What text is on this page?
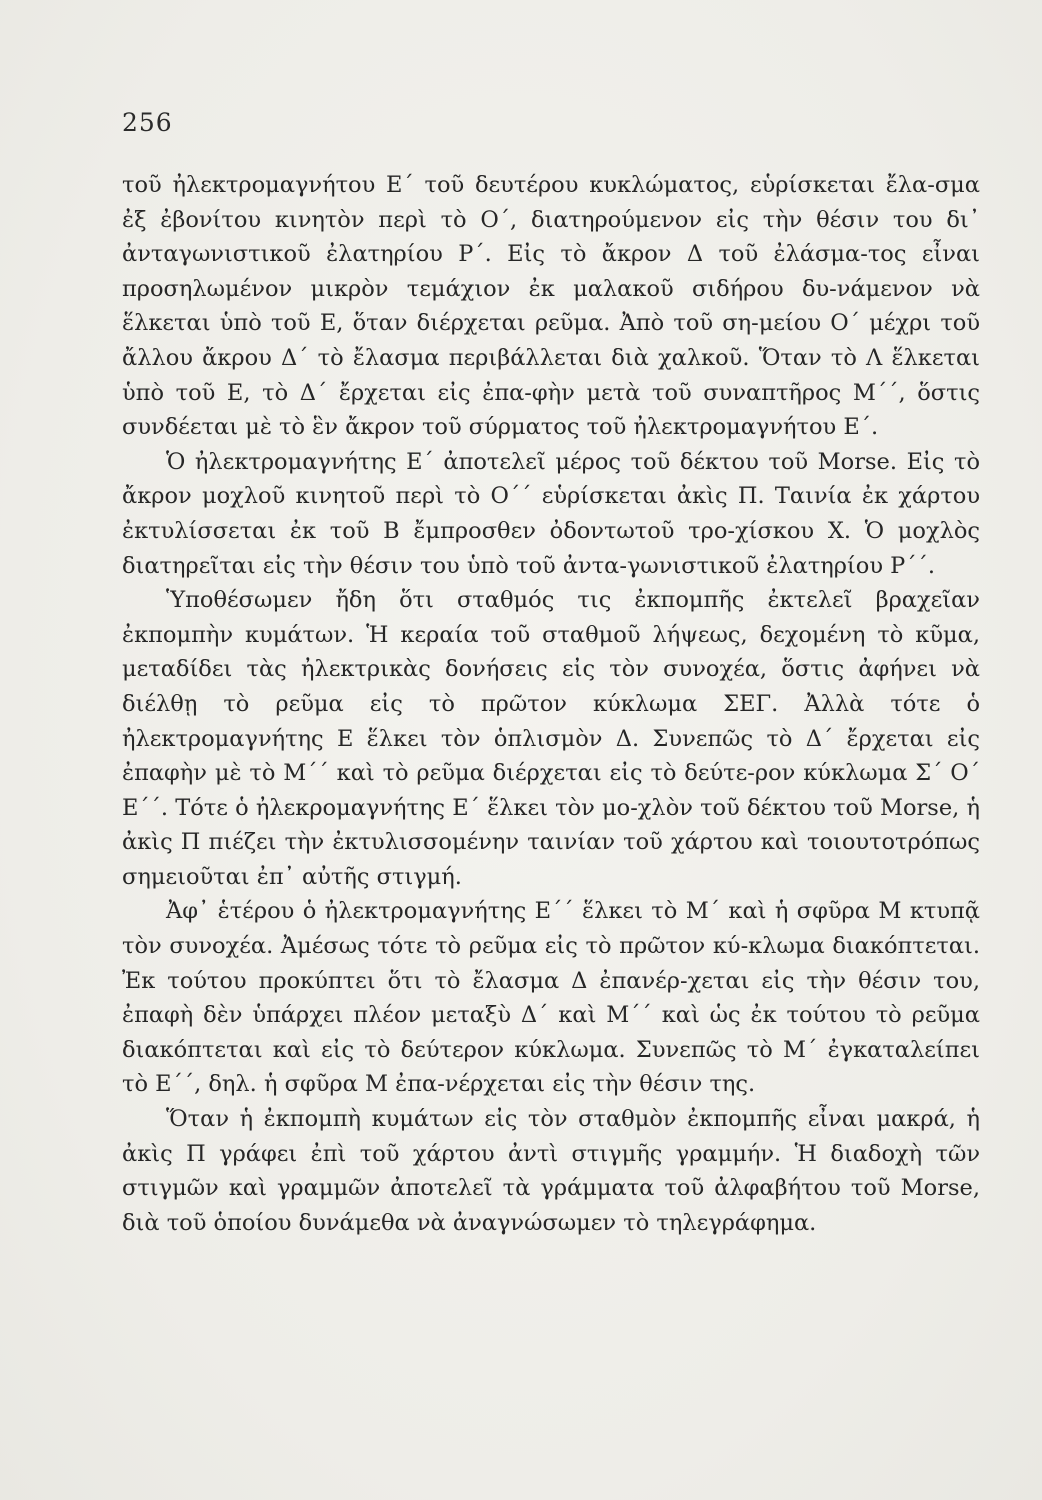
256

τοῦ ἠλεκτρομαγνήτου Ε΄ τοῦ δευτέρου κυκλώματος, εὑρίσκεται ἔλα-σμα ἐξ ἐβονίτου κινητὸν περὶ τὸ Ο΄, διατηρούμενον εἰς τὴν θέσιν του δι᾽ ἀνταγωνιστικοῦ ἐλατηρίου Ρ΄. Εἰς τὸ ἄκρον Δ τοῦ ἐλάσμα-τος εἶναι προσηλωμένον μικρὸν τεμάχιον ἐκ μαλακοῦ σιδήρου δυ-νάμενον νὰ ἕλκεται ὑπὸ τοῦ Ε, ὅταν διέρχεται ρεῦμα. Ἀπὸ τοῦ ση-μείου Ο΄ μέχρι τοῦ ἄλλου ἄκρου Δ΄ τὸ ἔλασμα περιβάλλεται διὰ χαλκοῦ. Ὅταν τὸ Λ ἕλκεται ὑπὸ τοῦ Ε, τὸ Δ΄ ἔρχεται εἰς ἐπα-φὴν μετὰ τοῦ συναπτῆρος Μ΄΄, ὅστις συνδέεται μὲ τὸ ἓν ἄκρον τοῦ σύρματος τοῦ ἠλεκτρομαγνήτου Ε΄.

Ὁ ἠλεκτρομαγνήτης Ε΄ ἀποτελεῖ μέρος τοῦ δέκτου τοῦ Morse. Εἰς τὸ ἄκρον μοχλοῦ κινητοῦ περὶ τὸ Ο΄΄ εὑρίσκεται ἀκὶς Π. Ταινία ἐκ χάρτου ἐκτυλίσσεται ἐκ τοῦ Β ἔμπροσθεν ὀδοντωτοῦ τρο-χίσκου Χ. Ὁ μοχλὸς διατηρεῖται εἰς τὴν θέσιν του ὑπὸ τοῦ ἀντα-γωνιστικοῦ ἐλατηρίου Ρ΄΄.

Ὑποθέσωμεν ἤδη ὅτι σταθμός τις ἐκπομπῆς ἐκτελεῖ βραχεῖαν ἐκπομπὴν κυμάτων. Ἡ κεραία τοῦ σταθμοῦ λήψεως, δεχομένη τὸ κῦμα, μεταδίδει τὰς ἠλεκτρικὰς δονήσεις εἰς τὸν συνοχέα, ὅστις ἀφήνει νὰ διέλθῃ τὸ ρεῦμα εἰς τὸ πρῶτον κύκλωμα ΣΕΓ. Ἀλλὰ τότε ὁ ἠλεκτρομαγνήτης Ε ἕλκει τὸν ὁπλισμὸν Δ. Συνεπῶς τὸ Δ΄ ἔρχεται εἰς ἐπαφὴν μὲ τὸ Μ΄΄ καὶ τὸ ρεῦμα διέρχεται εἰς τὸ δεύτε-ρον κύκλωμα Σ΄ Ο΄ Ε΄΄. Τότε ὁ ἠλεκρομαγνήτης Ε΄ ἕλκει τὸν μο-χλὸν τοῦ δέκτου τοῦ Morse, ἡ ἀκὶς Π πιέζει τὴν ἐκτυλισσομένην ταινίαν τοῦ χάρτου καὶ τοιουτοτρόπως σημειοῦται ἐπ᾽ αὐτῆς στιγμή.

Ἀφ᾽ ἑτέρου ὁ ἠλεκτρομαγνήτης Ε΄΄ ἕλκει τὸ Μ΄ καὶ ἡ σφῦρα Μ κτυπᾷ τὸν συνοχέα. Ἀμέσως τότε τὸ ρεῦμα εἰς τὸ πρῶτον κύ-κλωμα διακόπτεται. Ἐκ τούτου προκύπτει ὅτι τὸ ἔλασμα Δ ἐπανέρ-χεται εἰς τὴν θέσιν του, ἐπαφὴ δὲν ὑπάρχει πλέον μεταξὺ Δ΄ καὶ Μ΄΄ καὶ ὡς ἐκ τούτου τὸ ρεῦμα διακόπτεται καὶ εἰς τὸ δεύτερον κύκλωμα. Συνεπῶς τὸ Μ΄ ἐγκαταλείπει τὸ Ε΄΄, δηλ. ἡ σφῦρα Μ ἐπα-νέρχεται εἰς τὴν θέσιν της.

Ὅταν ἡ ἐκπομπὴ κυμάτων εἰς τὸν σταθμὸν ἐκπομπῆς εἶναι μακρά, ἡ ἀκὶς Π γράφει ἐπὶ τοῦ χάρτου ἀντὶ στιγμῆς γραμμήν. Ἡ διαδοχὴ τῶν στιγμῶν καὶ γραμμῶν ἀποτελεῖ τὰ γράμματα τοῦ ἀλφαβήτου τοῦ Morse, διὰ τοῦ ὁποίου δυνάμεθα νὰ ἀναγνώσωμεν τὸ τηλεγράφημα.
